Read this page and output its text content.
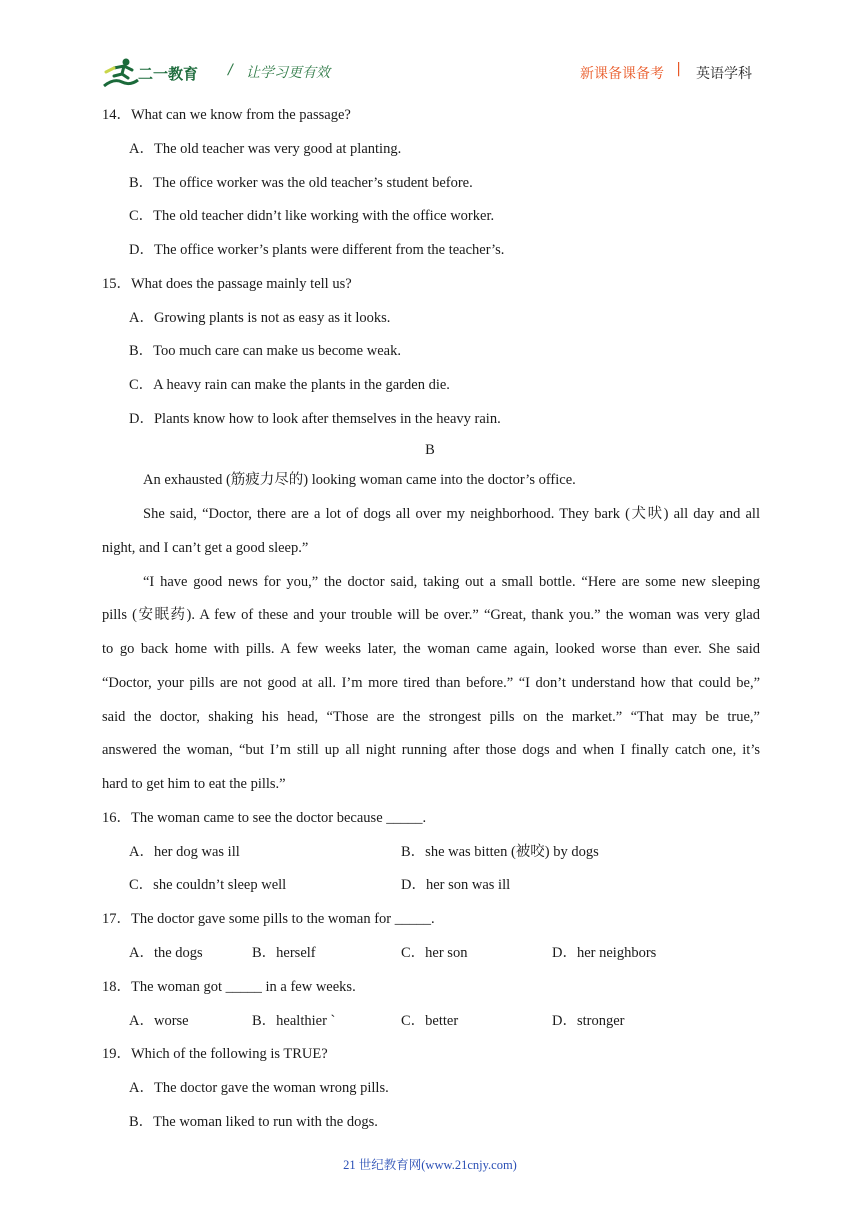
二一教育 / 让学习更有效	新课备课备考 | 英语学科
14．What can we know from the passage?
A．The old teacher was very good at planting.
B．The office worker was the old teacher’s student before.
C．The old teacher didn’t like working with the office worker.
D．The office worker’s plants were different from the teacher’s.
15．What does the passage mainly tell us?
A．Growing plants is not as easy as it looks.
B．Too much care can make us become weak.
C．A heavy rain can make the plants in the garden die.
D．Plants know how to look after themselves in the heavy rain.
B
An exhausted (筋疲力尽的) looking woman came into the doctor’s office.
She said, “Doctor, there are a lot of dogs all over my neighborhood. They bark (犬吠) all day and all
night, and I can’t get a good sleep.”
“I have good news for you,” the doctor said, taking out a small bottle. “Here are some new sleeping
pills (安眠药). A few of these and your trouble will be over.” “Great, thank you.” the woman was very glad
to go back home with pills. A few weeks later, the woman came again, looked worse than ever. She said
“Doctor, your pills are not good at all. I’m more tired than before.” “I don’t understand how that could be,”
said the doctor, shaking his head, “Those are the strongest pills on the market.” “That may be true,”
answered the woman, “but I’m still up all night running after those dogs and when I finally catch one, it’s
hard to get him to eat the pills.”
16．The woman came to see the doctor because _____.
A．her dog was ill	B．she was bitten (被咬) by dogs
C．she couldn’t sleep well	D．her son was ill
17．The doctor gave some pills to the woman for _____.
A．the dogs	B．herself	C．her son	D．her neighbors
18．The woman got _____ in a few weeks.
A．worse	B．healthier `	C．better	D．stronger
19．Which of the following is TRUE?
A．The doctor gave the woman wrong pills.
B．The woman liked to run with the dogs.
21 世纪教育网(www.21cnjy.com)
